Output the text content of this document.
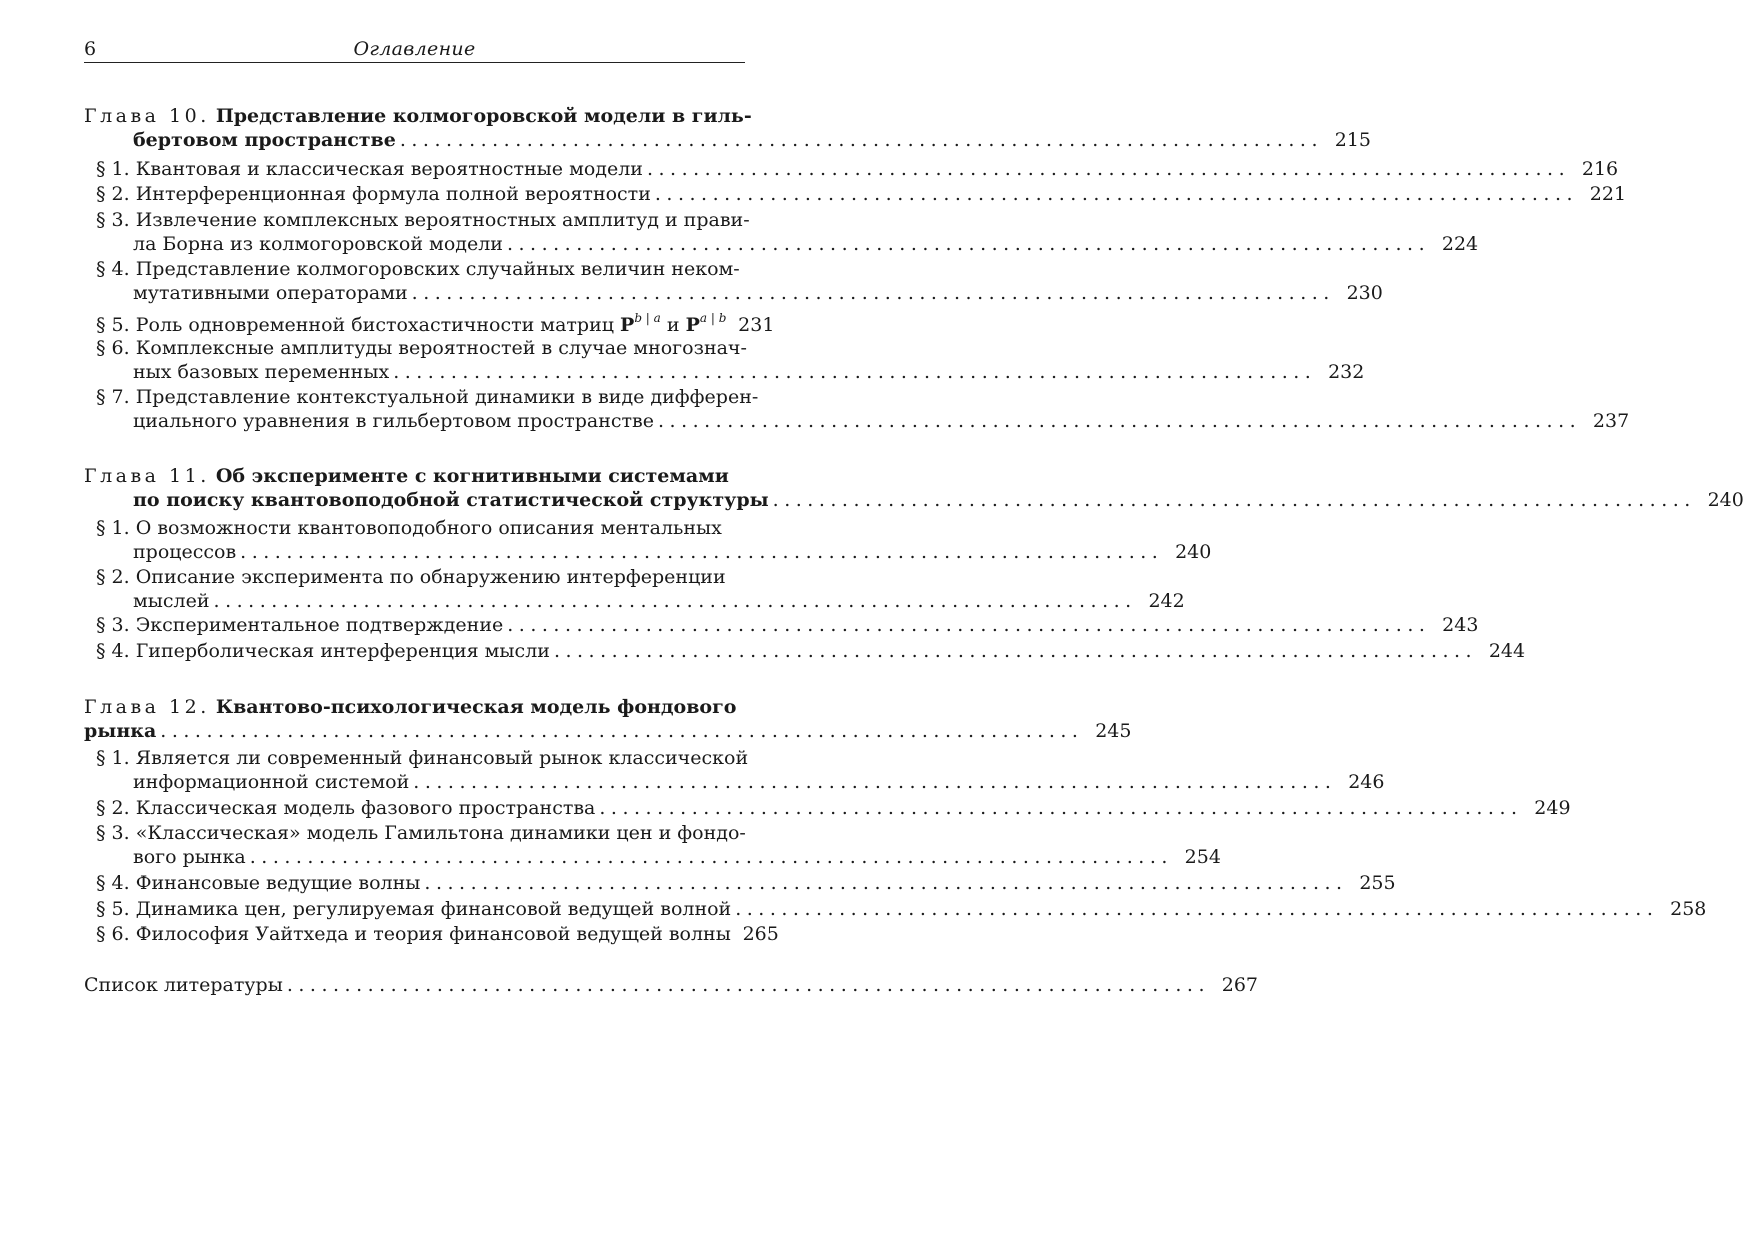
6	Оглавление
Глава 10. Представление колмогоровской модели в гиль-
бертовом пространстве ................................................................................ 215
§ 1. Квантовая и классическая вероятностные модели ................................................................................ 216
§ 2. Интерференционная формула полной вероятности ................................................................................ 221
§ 3. Извлечение комплексных вероятностных амплитуд и прави-
ла Борна из колмогоровской модели ................................................................................ 224
§ 4. Представление колмогоровских случайных величин неком-
мутативными операторами ................................................................................ 230
§ 5. Роль одновременной бистохастичности матриц $P^{b | a}$ и $P^{a | b}$ 231
§ 6. Комплексные амплитуды вероятностей в случае многознач-
ных базовых переменных ................................................................................ 232
§ 7. Представление контекстуальной динамики в виде дифферен-
циального уравнения в гильбертовом пространстве ................................................................................ 237
Глава 11. Об эксперименте с когнитивными системами
по поиску квантовоподобной статистической структуры ................................................................................ 240
§ 1. О возможности квантовоподобного описания ментальных
процессов ................................................................................ 240
§ 2. Описание эксперимента по обнаружению интерференции
мыслей ................................................................................ 242
§ 3. Экспериментальное подтверждение ................................................................................ 243
§ 4. Гиперболическая интерференция мысли ................................................................................ 244
Глава 12. Квантово-психологическая модель фондового
рынка ................................................................................ 245
§ 1. Является ли современный финансовый рынок классической
информационной системой ................................................................................ 246
§ 2. Классическая модель фазового пространства ................................................................................ 249
§ 3. «Классическая» модель Гамильтона динамики цен и фондо-
вого рынка ................................................................................ 254
§ 4. Финансовые ведущие волны ................................................................................ 255
§ 5. Динамика цен, регулируемая финансовой ведущей волной ................................................................................ 258
§ 6. Философия Уайтхеда и теория финансовой ведущей волны 265
Список литературы ................................................................................ 267
